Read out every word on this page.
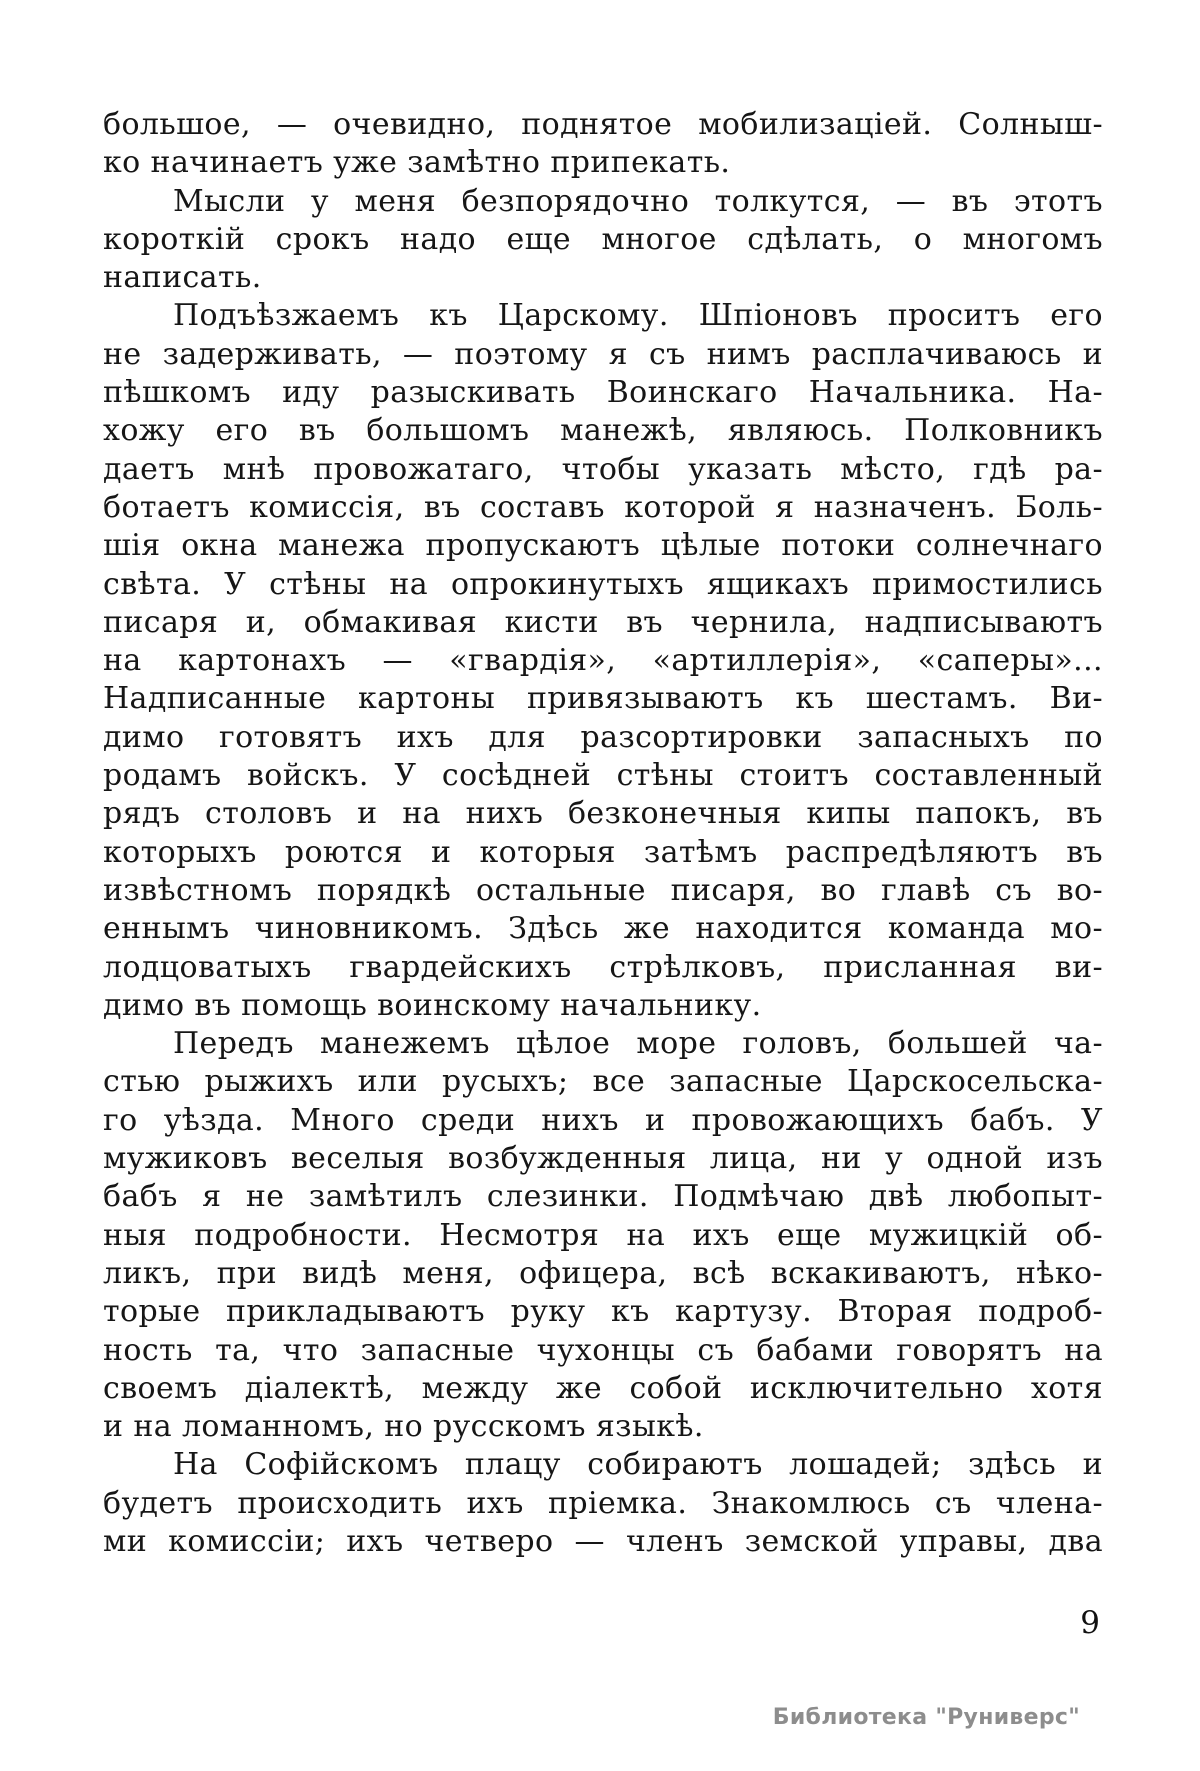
большое, — очевидно, поднятое мобилизаціей. Солныш-
ко начинаетъ уже замѣтно припекать.
Мысли у меня безпорядочно толкутся, — въ этотъ
короткій срокъ надо еще многое сдѣлать, о многомъ
написать.
Подъѣзжаемъ къ Царскому. Шпіоновъ проситъ его
не задерживать, — поэтому я съ нимъ расплачиваюсь и
пѣшкомъ иду разыскивать Воинскаго Начальника. На-
хожу его въ большомъ манежѣ, являюсь. Полковникъ
даетъ мнѣ провожатаго, чтобы указать мѣсто, гдѣ ра-
ботаетъ комиссія, въ составъ которой я назначенъ. Боль-
шія окна манежа пропускаютъ цѣлые потоки солнечнаго
свѣта. У стѣны на опрокинутыхъ ящикахъ примостились
писаря и, обмакивая кисти въ чернила, надписываютъ
на картонахъ — «гвардія», «артиллерія», «саперы»...
Надписанные картоны привязываютъ къ шестамъ. Ви-
димо готовятъ ихъ для разсортировки запасныхъ по
родамъ войскъ. У сосѣдней стѣны стоитъ составленный
рядъ столовъ и на нихъ безконечныя кипы папокъ, въ
которыхъ роются и которыя затѣмъ распредѣляютъ въ
извѣстномъ порядкѣ остальные писаря, во главѣ съ во-
еннымъ чиновникомъ. Здѣсь же находится команда мо-
лодцоватыхъ гвардейскихъ стрѣлковъ, присланная ви-
димо въ помощь воинскому начальнику.
Передъ манежемъ цѣлое море головъ, большей ча-
стью рыжихъ или русыхъ; все запасные Царскосельска-
го уѣзда. Много среди нихъ и провожающихъ бабъ. У
мужиковъ веселыя возбужденныя лица, ни у одной изъ
бабъ я не замѣтилъ слезинки. Подмѣчаю двѣ любопыт-
ныя подробности. Несмотря на ихъ еще мужицкій об-
ликъ, при видѣ меня, офицера, всѣ вскакиваютъ, нѣко-
торые прикладываютъ руку къ картузу. Вторая подроб-
ность та, что запасные чухонцы съ бабами говорятъ на
своемъ діалектѣ, между же собой исключительно хотя
и на ломанномъ, но русскомъ языкѣ.
На Софійскомъ плацу собираютъ лошадей; здѣсь и
будетъ происходить ихъ пріемка. Знакомлюсь съ члена-
ми комиссіи; ихъ четверо — членъ земской управы, два
9
Библиотека "Руниверс"
